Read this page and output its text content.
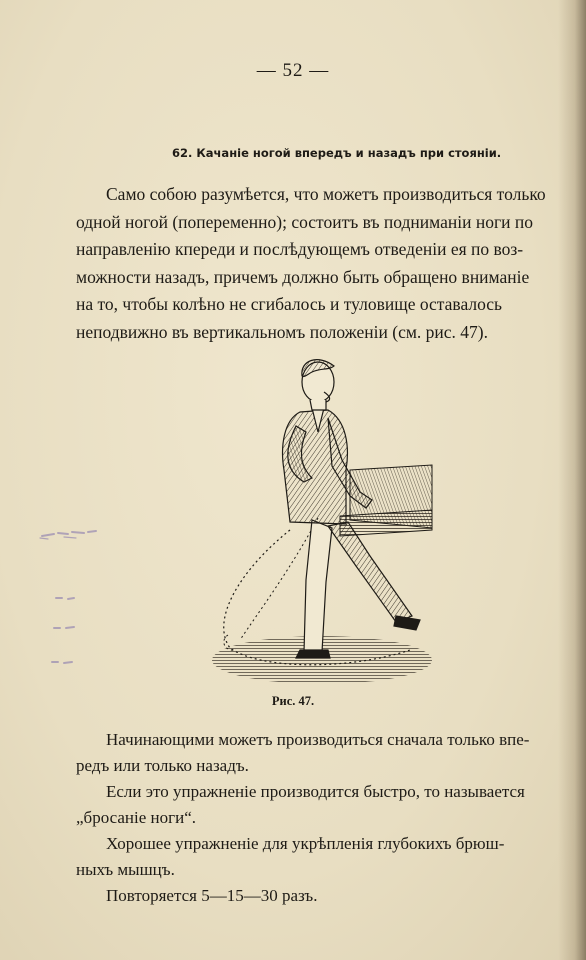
— 52 —
62. Качаніе ногой впередъ и назадъ при стояніи.
Само собою разумѣется, что можетъ производиться только
одной ногой (попеременно); состоитъ въ подниманіи ноги по
направленію кпереди и послѣдующемъ отведеніи ея по воз-
можности назадъ, причемъ должно быть обращено вниманіе
на то, чтобы колѣно не сгибалось и туловище оставалось
неподвижно въ вертикальномъ положеніи (см. рис. 47).
Рис. 47.
Начинающими можетъ производиться сначала только впе-
редъ или только назадъ.
Если это упражненіе производится быстро, то называется
„бросаніе ноги“.
Хорошее упражненіе для укрѣпленія глубокихъ брюш-
ныхъ мышцъ.
Повторяется 5—15—30 разъ.
